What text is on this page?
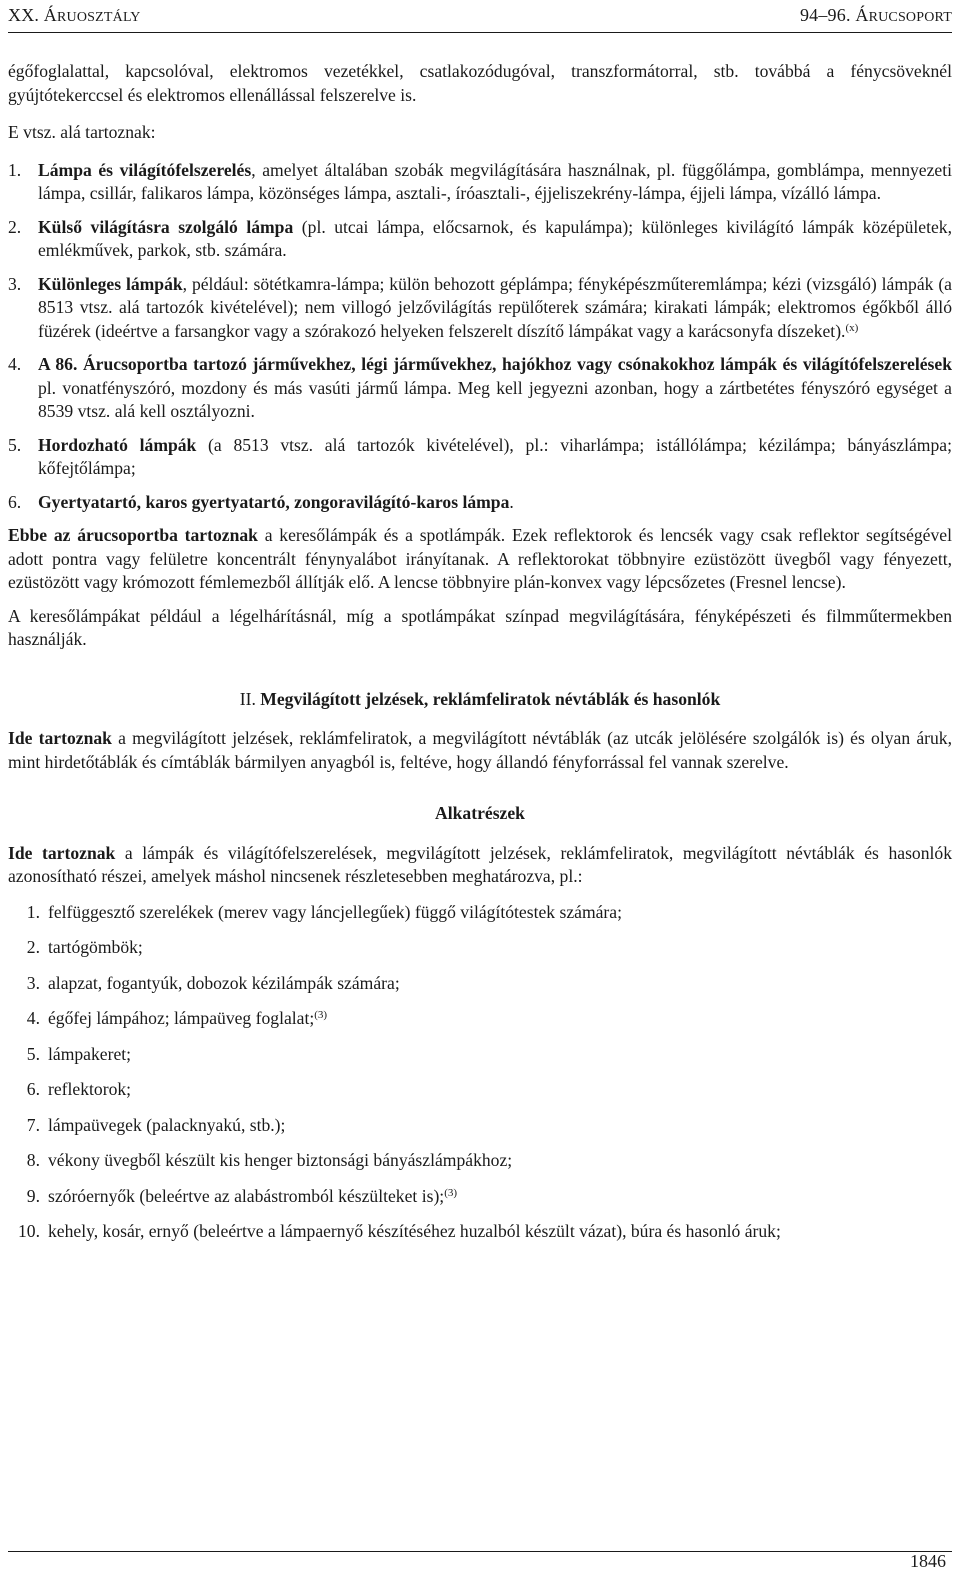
XX. ÁRUOSZTÁLY	94–96. ÁRUCSOPORT

égőfoglalattal, kapcsolóval, elektromos vezetékkel, csatlakozódugóval, transzformátorral, stb. továbbá a fénycsöveknél gyújtótekerccsel és elektromos ellenállással felszerelve is.

E vtsz. alá tartoznak:

1. Lámpa és világítófelszerelés, amelyet általában szobák megvilágítására használnak, pl. függőlámpa, gomblámpa, mennyezeti lámpa, csillár, falikaros lámpa, közönséges lámpa, asztali-, íróasztali-, éjjeliszekrény-lámpa, éjjeli lámpa, vízálló lámpa.
2. Külső világításra szolgáló lámpa (pl. utcai lámpa, előcsarnok, és kapulámpa); különleges kivilágító lámpák középületek, emlékművek, parkok, stb. számára.
3. Különleges lámpák, például: sötétkamra-lámpa; külön behozott géplámpa; fényképészműteremlámpa; kézi (vizsgáló) lámpák (a 8513 vtsz. alá tartozók kivételével); nem villogó jelzővilágítás repülőterek számára; kirakati lámpák; elektromos égőkből álló füzérek (ideértve a farsangkor vagy a szórakozó helyeken felszerelt díszítő lámpákat vagy a karácsonyfa díszeket).$^{(x)}$
4. A 86. Árucsoportba tartozó járművekhez, légi járművekhez, hajókhoz vagy csónakokhoz lámpák és világítófelszerelések pl. vonatfényszóró, mozdony és más vasúti jármű lámpa. Meg kell jegyezni azonban, hogy a zártbetétes fényszóró egységet a 8539 vtsz. alá kell osztályozni.
5. Hordozható lámpák (a 8513 vtsz. alá tartozók kivételével), pl.: viharlámpa; istállólámpa; kézilámpa; bányászlámpa; kőfejtőlámpa;
6. Gyertyatartó, karos gyertyatartó, zongoravilágító-karos lámpa.

Ebbe az árucsoportba tartoznak a keresőlámpák és a spotlámpák. Ezek reflektorok és lencsék vagy csak reflektor segítségével adott pontra vagy felületre koncentrált fénynyalábot irányítanak. A reflektorokat többnyire ezüstözött üvegből vagy fényezett, ezüstözött vagy krómozott fémlemezből állítják elő. A lencse többnyire plán-konvex vagy lépcsőzetes (Fresnel lencse).

A keresőlámpákat például a légelhárításnál, míg a spotlámpákat színpad megvilágítására, fényképészeti és filmműtermekben használják.

II. Megvilágított jelzések, reklámfeliratok névtáblák és hasonlók

Ide tartoznak a megvilágított jelzések, reklámfeliratok, a megvilágított névtáblák (az utcák jelölésére szolgálók is) és olyan áruk, mint hirdetőtáblák és címtáblák bármilyen anyagból is, feltéve, hogy állandó fényforrással fel vannak szerelve.

Alkatrészek

Ide tartoznak a lámpák és világítófelszerelések, megvilágított jelzések, reklámfeliratok, megvilágított névtáblák és hasonlók azonosítható részei, amelyek máshol nincsenek részletesebben meghatározva, pl.:

1. felfüggesztő szerelékek (merev vagy láncjellegűek) függő világítótestek számára;
2. tartógömbök;
3. alapzat, fogantyúk, dobozok kézilámpák számára;
4. égőfej lámpához; lámpaüveg foglalat;$^{(3)}$
5. lámpakeret;
6. reflektorok;
7. lámpaüvegek (palacknyakú, stb.);
8. vékony üvegből készült kis henger biztonsági bányászlámpákhoz;
9. szóróernyők (beleértve az alabástromból készülteket is);$^{(3)}$
10. kehely, kosár, ernyő (beleértve a lámpaernyő készítéséhez huzalból készült vázat), búra és hasonló áruk;
1846
